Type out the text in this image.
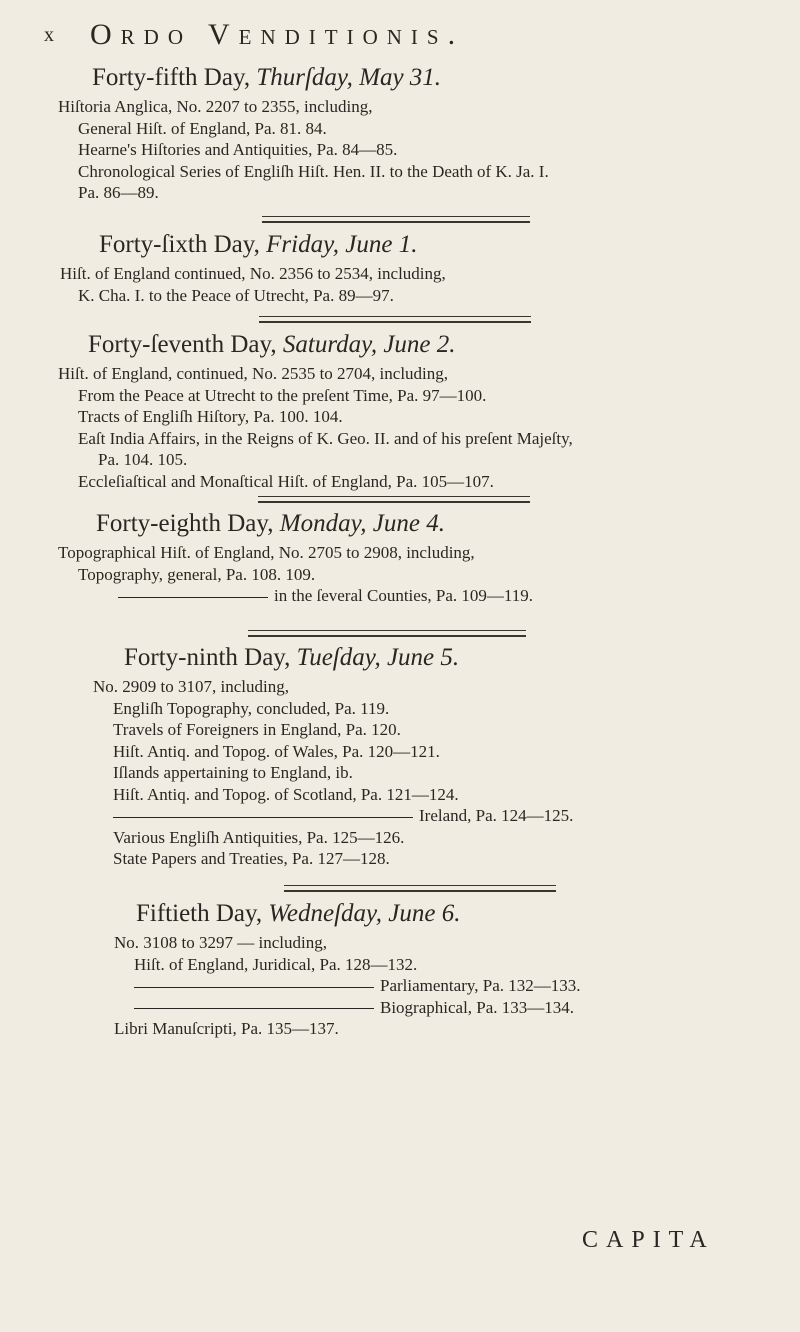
x Ordo Venditionis.
Forty-fifth Day, Thurſday, May 31.
Hiſtoria Anglica, No. 2207 to 2355, including,
General Hiſt. of England, Pa. 81. 84.
Hearne's Hiſtories and Antiquities, Pa. 84—85.
Chronological Series of Engliſh Hiſt. Hen. II. to the Death of K. Ja. I.
Pa. 86—89.
Forty-ſixth Day, Friday, June 1.
Hiſt. of England continued, No. 2356 to 2534, including,
K. Cha. I. to the Peace of Utrecht, Pa. 89—97.
Forty-ſeventh Day, Saturday, June 2.
Hiſt. of England, continued, No. 2535 to 2704, including,
From the Peace at Utrecht to the preſent Time, Pa. 97—100.
Tracts of Engliſh Hiſtory, Pa. 100. 104.
Eaſt India Affairs, in the Reigns of K. Geo. II. and of his preſent Majeſty,
Pa. 104. 105.
Eccleſiaſtical and Monaſtical Hiſt. of England, Pa. 105—107.
Forty-eighth Day, Monday, June 4.
Topographical Hiſt. of England, No. 2705 to 2908, including,
Topography, general, Pa. 108. 109.
in the ſeveral Counties, Pa. 109—119.
Forty-ninth Day, Tueſday, June 5.
No. 2909 to 3107, including,
Engliſh Topography, concluded, Pa. 119.
Travels of Foreigners in England, Pa. 120.
Hiſt. Antiq. and Topog. of Wales, Pa. 120—121.
Iſlands appertaining to England, ib.
Hiſt. Antiq. and Topog. of Scotland, Pa. 121—124.
Ireland, Pa. 124—125.
Various Engliſh Antiquities, Pa. 125—126.
State Papers and Treaties, Pa. 127—128.
Fiftieth Day, Wedneſday, June 6.
No. 3108 to 3297 — including,
Hiſt. of England, Juridical, Pa. 128—132.
Parliamentary, Pa. 132—133.
Biographical, Pa. 133—134.
Libri Manuſcripti, Pa. 135—137.
CAPITA
